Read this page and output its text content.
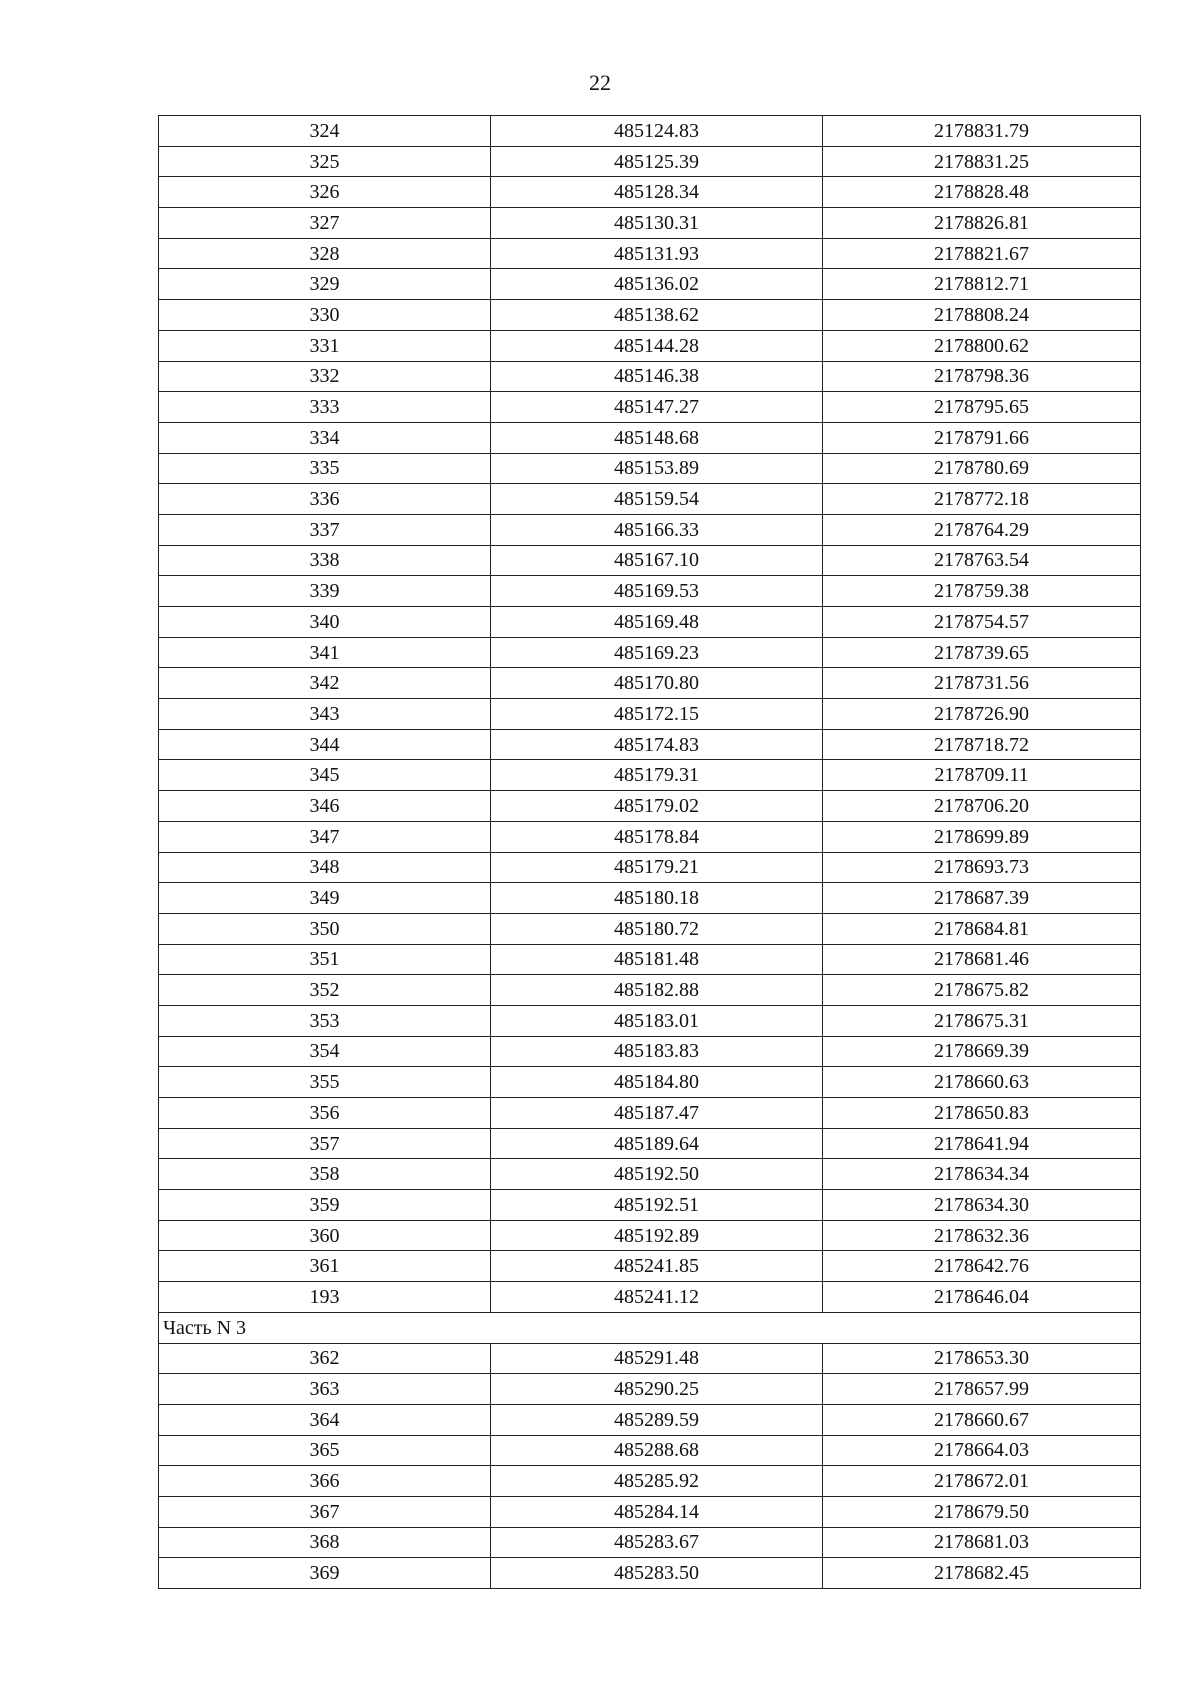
22
324	485124.83	2178831.79
325	485125.39	2178831.25
326	485128.34	2178828.48
327	485130.31	2178826.81
328	485131.93	2178821.67
329	485136.02	2178812.71
330	485138.62	2178808.24
331	485144.28	2178800.62
332	485146.38	2178798.36
333	485147.27	2178795.65
334	485148.68	2178791.66
335	485153.89	2178780.69
336	485159.54	2178772.18
337	485166.33	2178764.29
338	485167.10	2178763.54
339	485169.53	2178759.38
340	485169.48	2178754.57
341	485169.23	2178739.65
342	485170.80	2178731.56
343	485172.15	2178726.90
344	485174.83	2178718.72
345	485179.31	2178709.11
346	485179.02	2178706.20
347	485178.84	2178699.89
348	485179.21	2178693.73
349	485180.18	2178687.39
350	485180.72	2178684.81
351	485181.48	2178681.46
352	485182.88	2178675.82
353	485183.01	2178675.31
354	485183.83	2178669.39
355	485184.80	2178660.63
356	485187.47	2178650.83
357	485189.64	2178641.94
358	485192.50	2178634.34
359	485192.51	2178634.30
360	485192.89	2178632.36
361	485241.85	2178642.76
193	485241.12	2178646.04
Часть N 3		
362	485291.48	2178653.30
363	485290.25	2178657.99
364	485289.59	2178660.67
365	485288.68	2178664.03
366	485285.92	2178672.01
367	485284.14	2178679.50
368	485283.67	2178681.03
369	485283.50	2178682.45
